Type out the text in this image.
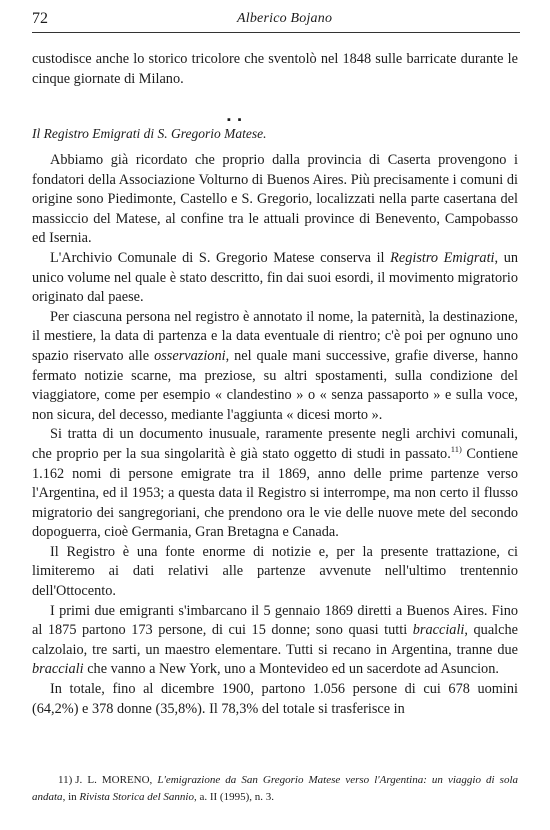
72	Alberico Bojano

custodisce anche lo storico tricolore che sventolò nel 1848 sulle barricate durante le cinque giornate di Milano.

▪ ▪
Il Registro Emigrati di S. Gregorio Matese.

Abbiamo già ricordato che proprio dalla provincia di Caserta provengono i fondatori della Associazione Volturno di Buenos Aires. Più precisamente i comuni di origine sono Piedimonte, Castello e S. Gregorio, localizzati nella parte casertana del massiccio del Matese, al confine tra le attuali province di Benevento, Campobasso ed Isernia.

L'Archivio Comunale di S. Gregorio Matese conserva il Registro Emigrati, un unico volume nel quale è stato descritto, fin dai suoi esordi, il movimento migratorio originato dal paese.

Per ciascuna persona nel registro è annotato il nome, la paternità, la destinazione, il mestiere, la data di partenza e la data eventuale di rientro; c'è poi per ognuno uno spazio riservato alle osservazioni, nel quale mani successive, grafie diverse, hanno fermato notizie scarne, ma preziose, su altri spostamenti, sulla condizione del viaggiatore, come per esempio « clandestino » o « senza passaporto » e sulla voce, non sicura, del decesso, mediante l'aggiunta « dicesi morto ».

Si tratta di un documento inusuale, raramente presente negli archivi comunali, che proprio per la sua singolarità è già stato oggetto di studi in passato.$^{11)}$ Contiene 1.162 nomi di persone emigrate tra il 1869, anno delle prime partenze verso l'Argentina, ed il 1953; a questa data il Registro si interrompe, ma non certo il flusso migratorio dei sangregoriani, che prendono ora le vie delle nuove mete del secondo dopoguerra, cioè Germania, Gran Bretagna e Canada.

Il Registro è una fonte enorme di notizie e, per la presente trattazione, ci limiteremo ai dati relativi alle partenze avvenute nell'ultimo trentennio dell'Ottocento.

I primi due emigranti s'imbarcano il 5 gennaio 1869 diretti a Buenos Aires. Fino al 1875 partono 173 persone, di cui 15 donne; sono quasi tutti bracciali, qualche calzolaio, tre sarti, un maestro elementare. Tutti si recano in Argentina, tranne due bracciali che vanno a New York, uno a Montevideo ed un sacerdote ad Asuncion.

In totale, fino al dicembre 1900, partono 1.056 persone di cui 678 uomini (64,2%) e 378 donne (35,8%). Il 78,3% del totale si trasferisce in

11) J. L. MORENO, L'emigrazione da San Gregorio Matese verso l'Argentina: un viaggio di sola andata, in Rivista Storica del Sannio, a. II (1995), n. 3.
